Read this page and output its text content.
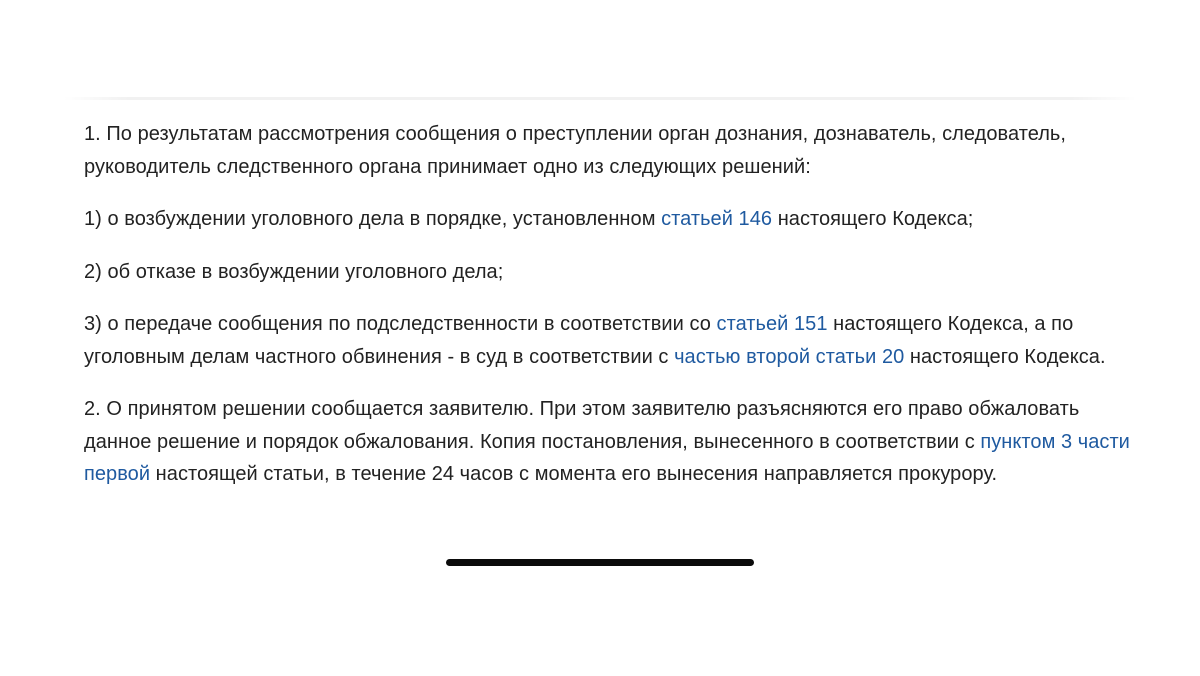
1. По результатам рассмотрения сообщения о преступлении орган дознания, дознаватель, следователь, руководитель следственного органа принимает одно из следующих решений:

1) о возбуждении уголовного дела в порядке, установленном статьей 146 настоящего Кодекса;

2) об отказе в возбуждении уголовного дела;

3) о передаче сообщения по подследственности в соответствии со статьей 151 настоящего Кодекса, а по уголовным делам частного обвинения - в суд в соответствии с частью второй статьи 20 настоящего Кодекса.

2. О принятом решении сообщается заявителю. При этом заявителю разъясняются его право обжаловать данное решение и порядок обжалования. Копия постановления, вынесенного в соответствии с пунктом 3 части первой настоящей статьи, в течение 24 часов с момента его вынесения направляется прокурору.
